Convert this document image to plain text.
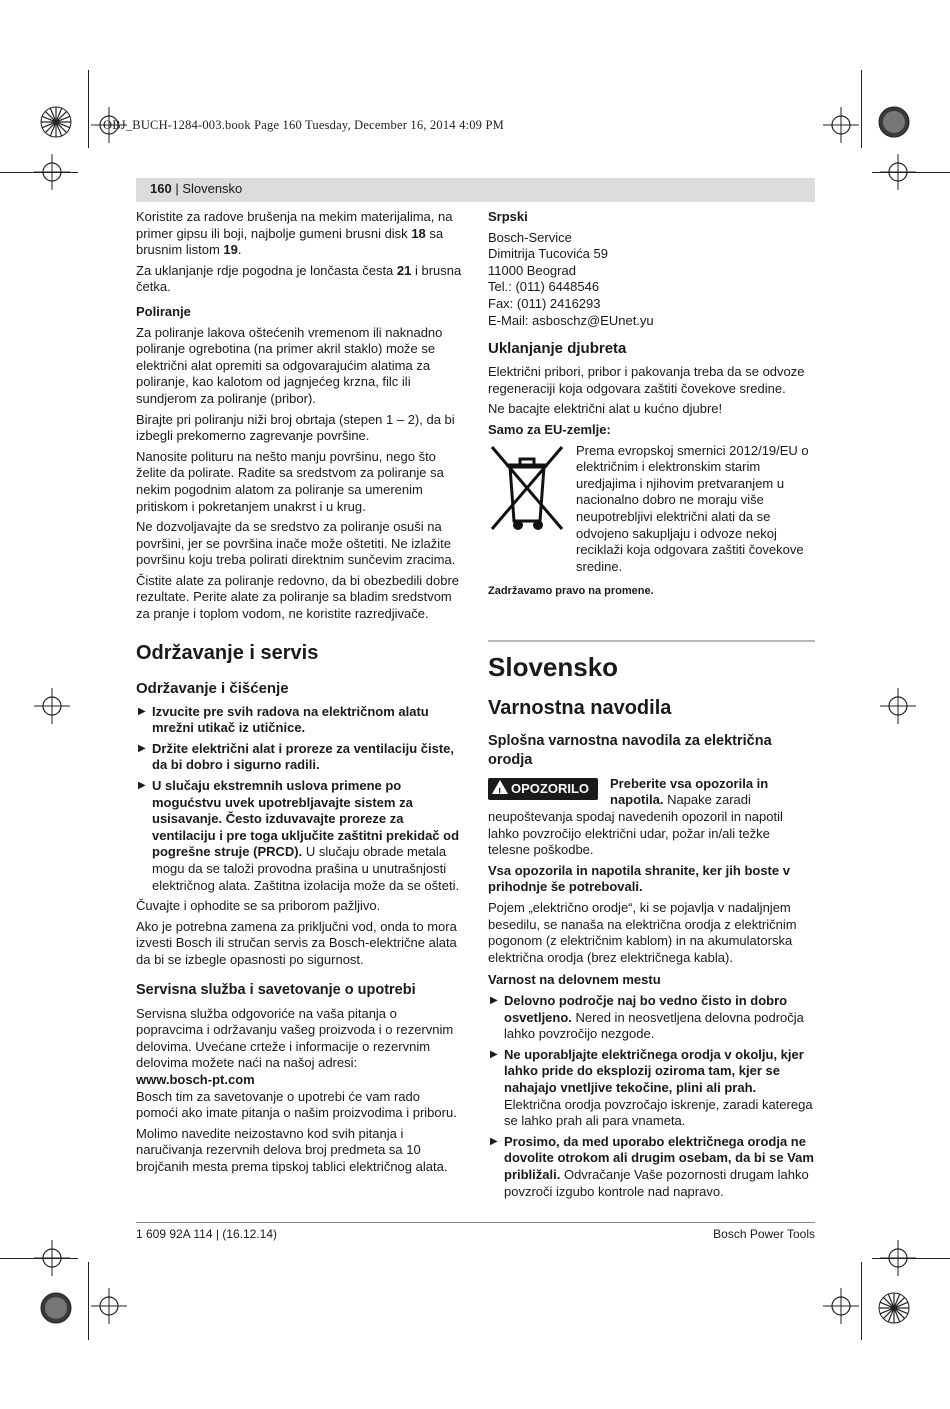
OBJ_BUCH-1284-003.book Page 160 Tuesday, December 16, 2014 4:09 PM
160 | Slovensko

Koristite za radove brušenja na mekim materijalima, na primer gipsu ili boji, najbolje gumeni brusni disk 18 sa brusnim listom 19.

Za uklanjanje rdje pogodna je lončasta česta 21 i brusna četka.

Poliranje

Za poliranje lakova oštećenih vremenom ili naknadno poliranje ogrebotina (na primer akril staklo) može se električni alat opremiti sa odgovarajućim alatima za poliranje, kao kalotom od jagnjećeg krzna, filc ili sundjerom za poliranje (pribor).

Birajte pri poliranju niži broj obrtaja (stepen 1 – 2), da bi izbegli prekomerno zagrevanje površine.

Nanosite polituru na nešto manju površinu, nego što želite da polirate. Radite sa sredstvom za poliranje sa nekim pogodnim alatom za poliranje sa umerenim pritiskom i pokretanjem unakrst i u krug.

Ne dozvoljavajte da se sredstvo za poliranje osuši na površini, jer se površina inače može oštetiti. Ne izlažite površinu koju treba polirati direktnim sunčevim zracima.

Čistite alate za poliranje redovno, da bi obezbedili dobre rezultate. Perite alate za poliranje sa bladim sredstvom za pranje i toplom vodom, ne koristite razredjivače.

Održavanje i servis
Održavanje i čišćenje
▶ Izvucite pre svih radova na električnom alatu mrežni utikač iz utičnice.
▶ Držite električni alat i proreze za ventilaciju čiste, da bi dobro i sigurno radili.
▶ U slučaju ekstremnih uslova primene po mogućstvu uvek upotrebljavajte sistem za usisavanje. Često izduvavajte proreze za ventilaciju i pre toga uključite zaštitni prekidač od pogrešne struje (PRCD). U slučaju obrade metala mogu da se taloži provodna prašina u unutrašnjosti električnog alata. Zaštitna izolacija može da se ošteti.

Čuvajte i ophodite se sa priborom pažljivo.

Ako je potrebna zamena za priključni vod, onda to mora izvesti Bosch ili stručan servis za Bosch-električne alata da bi se izbegle opasnosti po sigurnost.

Servisna služba i savetovanje o upotrebi

Servisna služba odgovoriće na vaša pitanja o popravcima i održavanju vašeg proizvoda i o rezervnim delovima. Uvećane crteže i informacije o rezervnim delovima možete naći na našoj adresi:

www.bosch-pt.com

Bosch tim za savetovanje o upotrebi će vam rado pomoći ako imate pitanja o našim proizvodima i priboru.

Molimo navedite neizostavno kod svih pitanja i naručivanja rezervnih delova broj predmeta sa 10 brojčanih mesta prema tipskoj tablici električnog alata.

Srpski
Bosch-Service
Dimitrija Tucovića 59
11000 Beograd
Tel.: (011) 6448546
Fax: (011) 2416293
E-Mail: asboschz@EUnet.yu
Uklanjanje djubreta

Električni pribori, pribor i pakovanja treba da se odvoze regeneraciji koja odgovara zaštiti čovekove sredine.

Ne bacajte električni alat u kućno djubre!

Samo za EU-zemlje:
Prema evropskoj smernici 2012/19/EU o električnim i elektronskim starim uredjajima i njihovim pretvaranjem u nacionalno dobro ne moraju više neupotrebljivi električni alati da se odvojeno sakupljaju i odvoze nekoj reciklaži koja odgovara zaštiti čovekove sredine.
Zadržavamo pravo na promene.
Slovensko
Varnostna navodila
Splošna varnostna navodila za električna orodja
! OPOZORILO	Preberite vsa opozorila in napotila. Napake zaradi neupoštevanja spodaj navedenih opozoril in napotil lahko povzročijo električni udar, požar in/ali težke telesne poškodbe.

Vsa opozorila in napotila shranite, ker jih boste v prihodnje še potrebovali.

Pojem „električno orodje“, ki se pojavlja v nadaljnjem besedilu, se nanaša na električna orodja z električnim pogonom (z električnim kablom) in na akumulatorska električna orodja (brez električnega kabla).

Varnost na delovnem mestu
▶ Delovno področje naj bo vedno čisto in dobro osvetljeno. Nered in neosvetljena delovna področja lahko povzročijo nezgode.
▶ Ne uporabljajte električnega orodja v okolju, kjer lahko pride do eksplozij oziroma tam, kjer se nahajajo vnetljive tekočine, plini ali prah. Električna orodja povzročajo iskrenje, zaradi katerega se lahko prah ali para vnameta.
▶ Prosimo, da med uporabo električnega orodja ne dovolite otrokom ali drugim osebam, da bi se Vam približali. Odvračanje Vaše pozornosti drugam lahko povzroči izgubo kontrole nad napravo.
1 609 92A 114 | (16.12.14)	Bosch Power Tools
